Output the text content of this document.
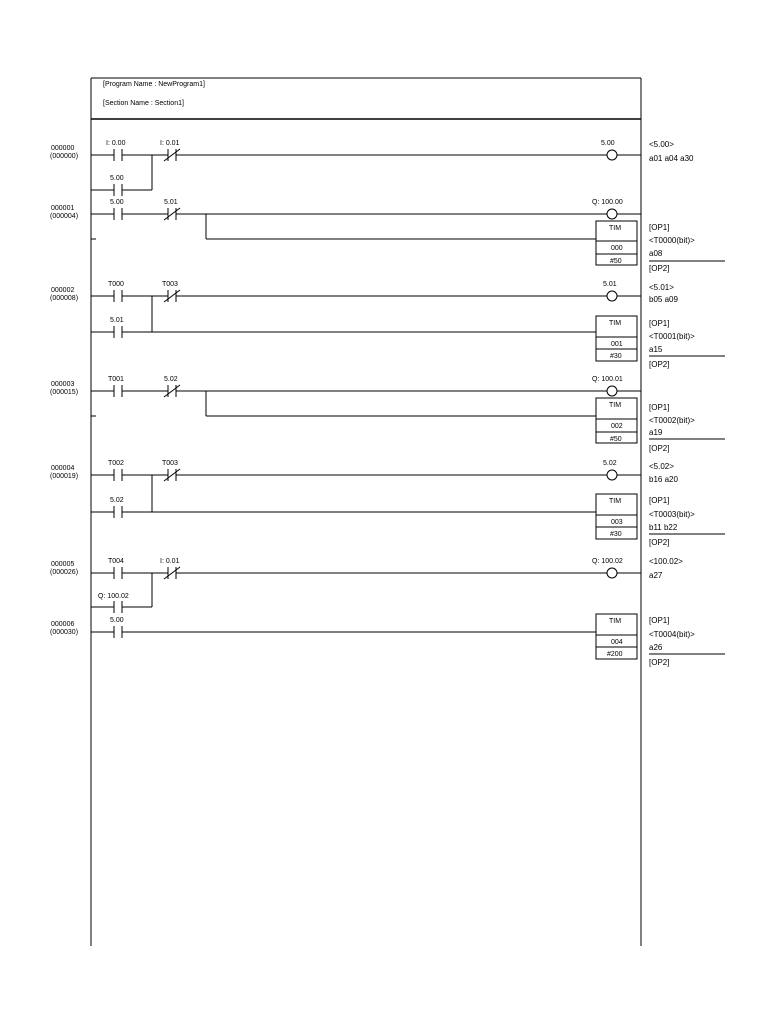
[Program Name : NewProgram1]
[Section Name : Section1]
000000
(000000)
I: 0.00	I: 0.01	5.00
5.00
<5.00>
a01 a04 a30
000001
(000004)
5.00	5.01	Q: 100.00
TIM
000
#50
[OP1]
<T0000(bit)>
a08
[OP2]
000002
(000008)
T000	T003	5.01
5.01	TIM
001
#30
<5.01>
b05 a09
[OP1]
<T0001(bit)>
a15
[OP2]
000003
(000015)
T001	5.02	Q: 100.01
TIM
002
#50
[OP1]
<T0002(bit)>
a19
[OP2]
000004
(000019)
T002	T003	5.02
5.02	TIM
003
#30
<5.02>
b16 a20
[OP1]
<T0003(bit)>
b11 b22
[OP2]
000005
(000026)
T004	I: 0.01	Q: 100.02
Q: 100.02
<100.02>
a27
000006
(000030)
5.00	TIM
004
#200
[OP1]
<T0004(bit)>
a26
[OP2]
